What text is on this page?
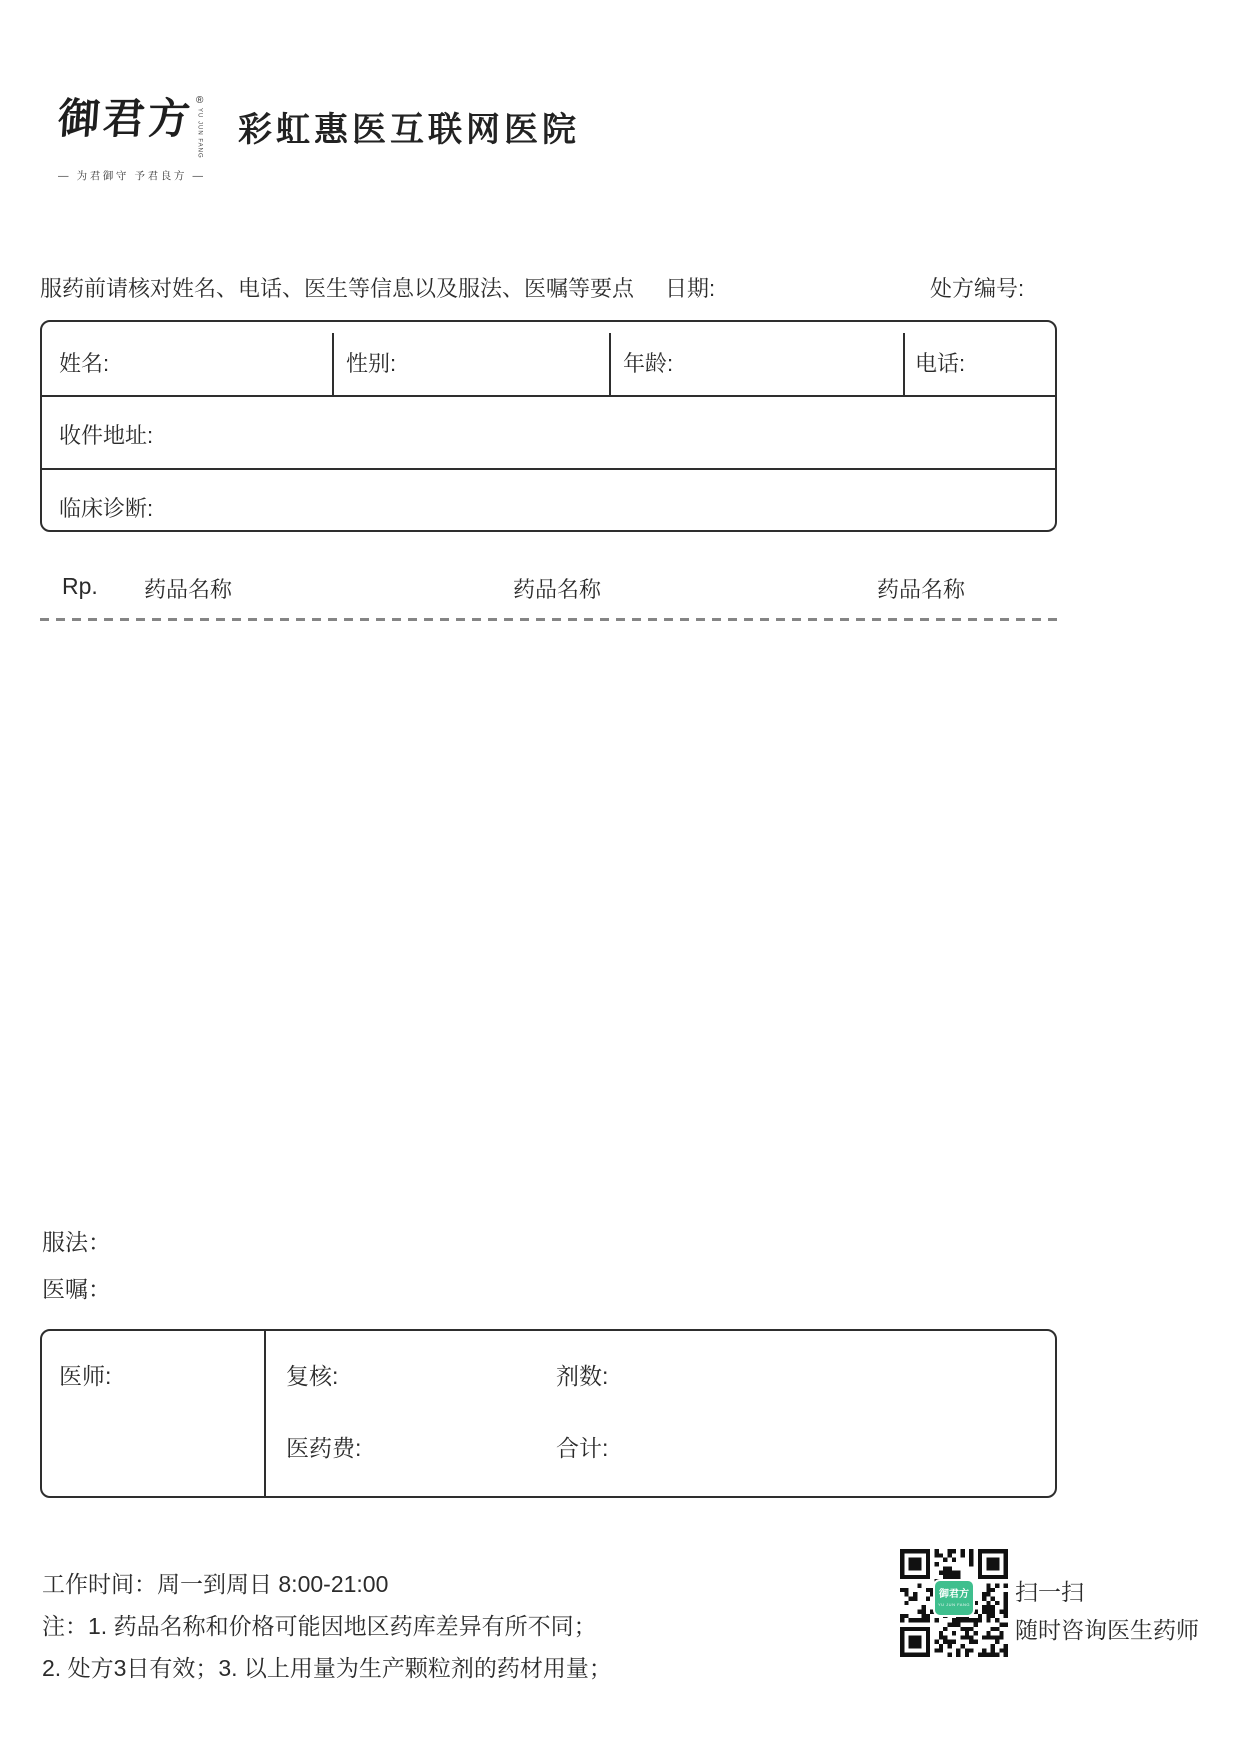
御君方 ®
YU JUN FANG
— 为君御守 予君良方 —
彩虹惠医互联网医院
服药前请核对姓名、电话、医生等信息以及服法、医嘱等要点 日期:	处方编号:
姓名:	性别:	年龄:	电话:
收件地址:
临床诊断:
Rp. 药品名称	药品名称	药品名称
服法：
医嘱：
医师:	复核:	剂数:
医药费:	合计:
工作时间：周一到周日 8:00-21:00
注：1. 药品名称和价格可能因地区药库差异有所不同；
2. 处方3日有效；3. 以上用量为生产颗粒剂的药材用量；
御君方
YU JUN FANG 扫一扫
随时咨询医生药师
